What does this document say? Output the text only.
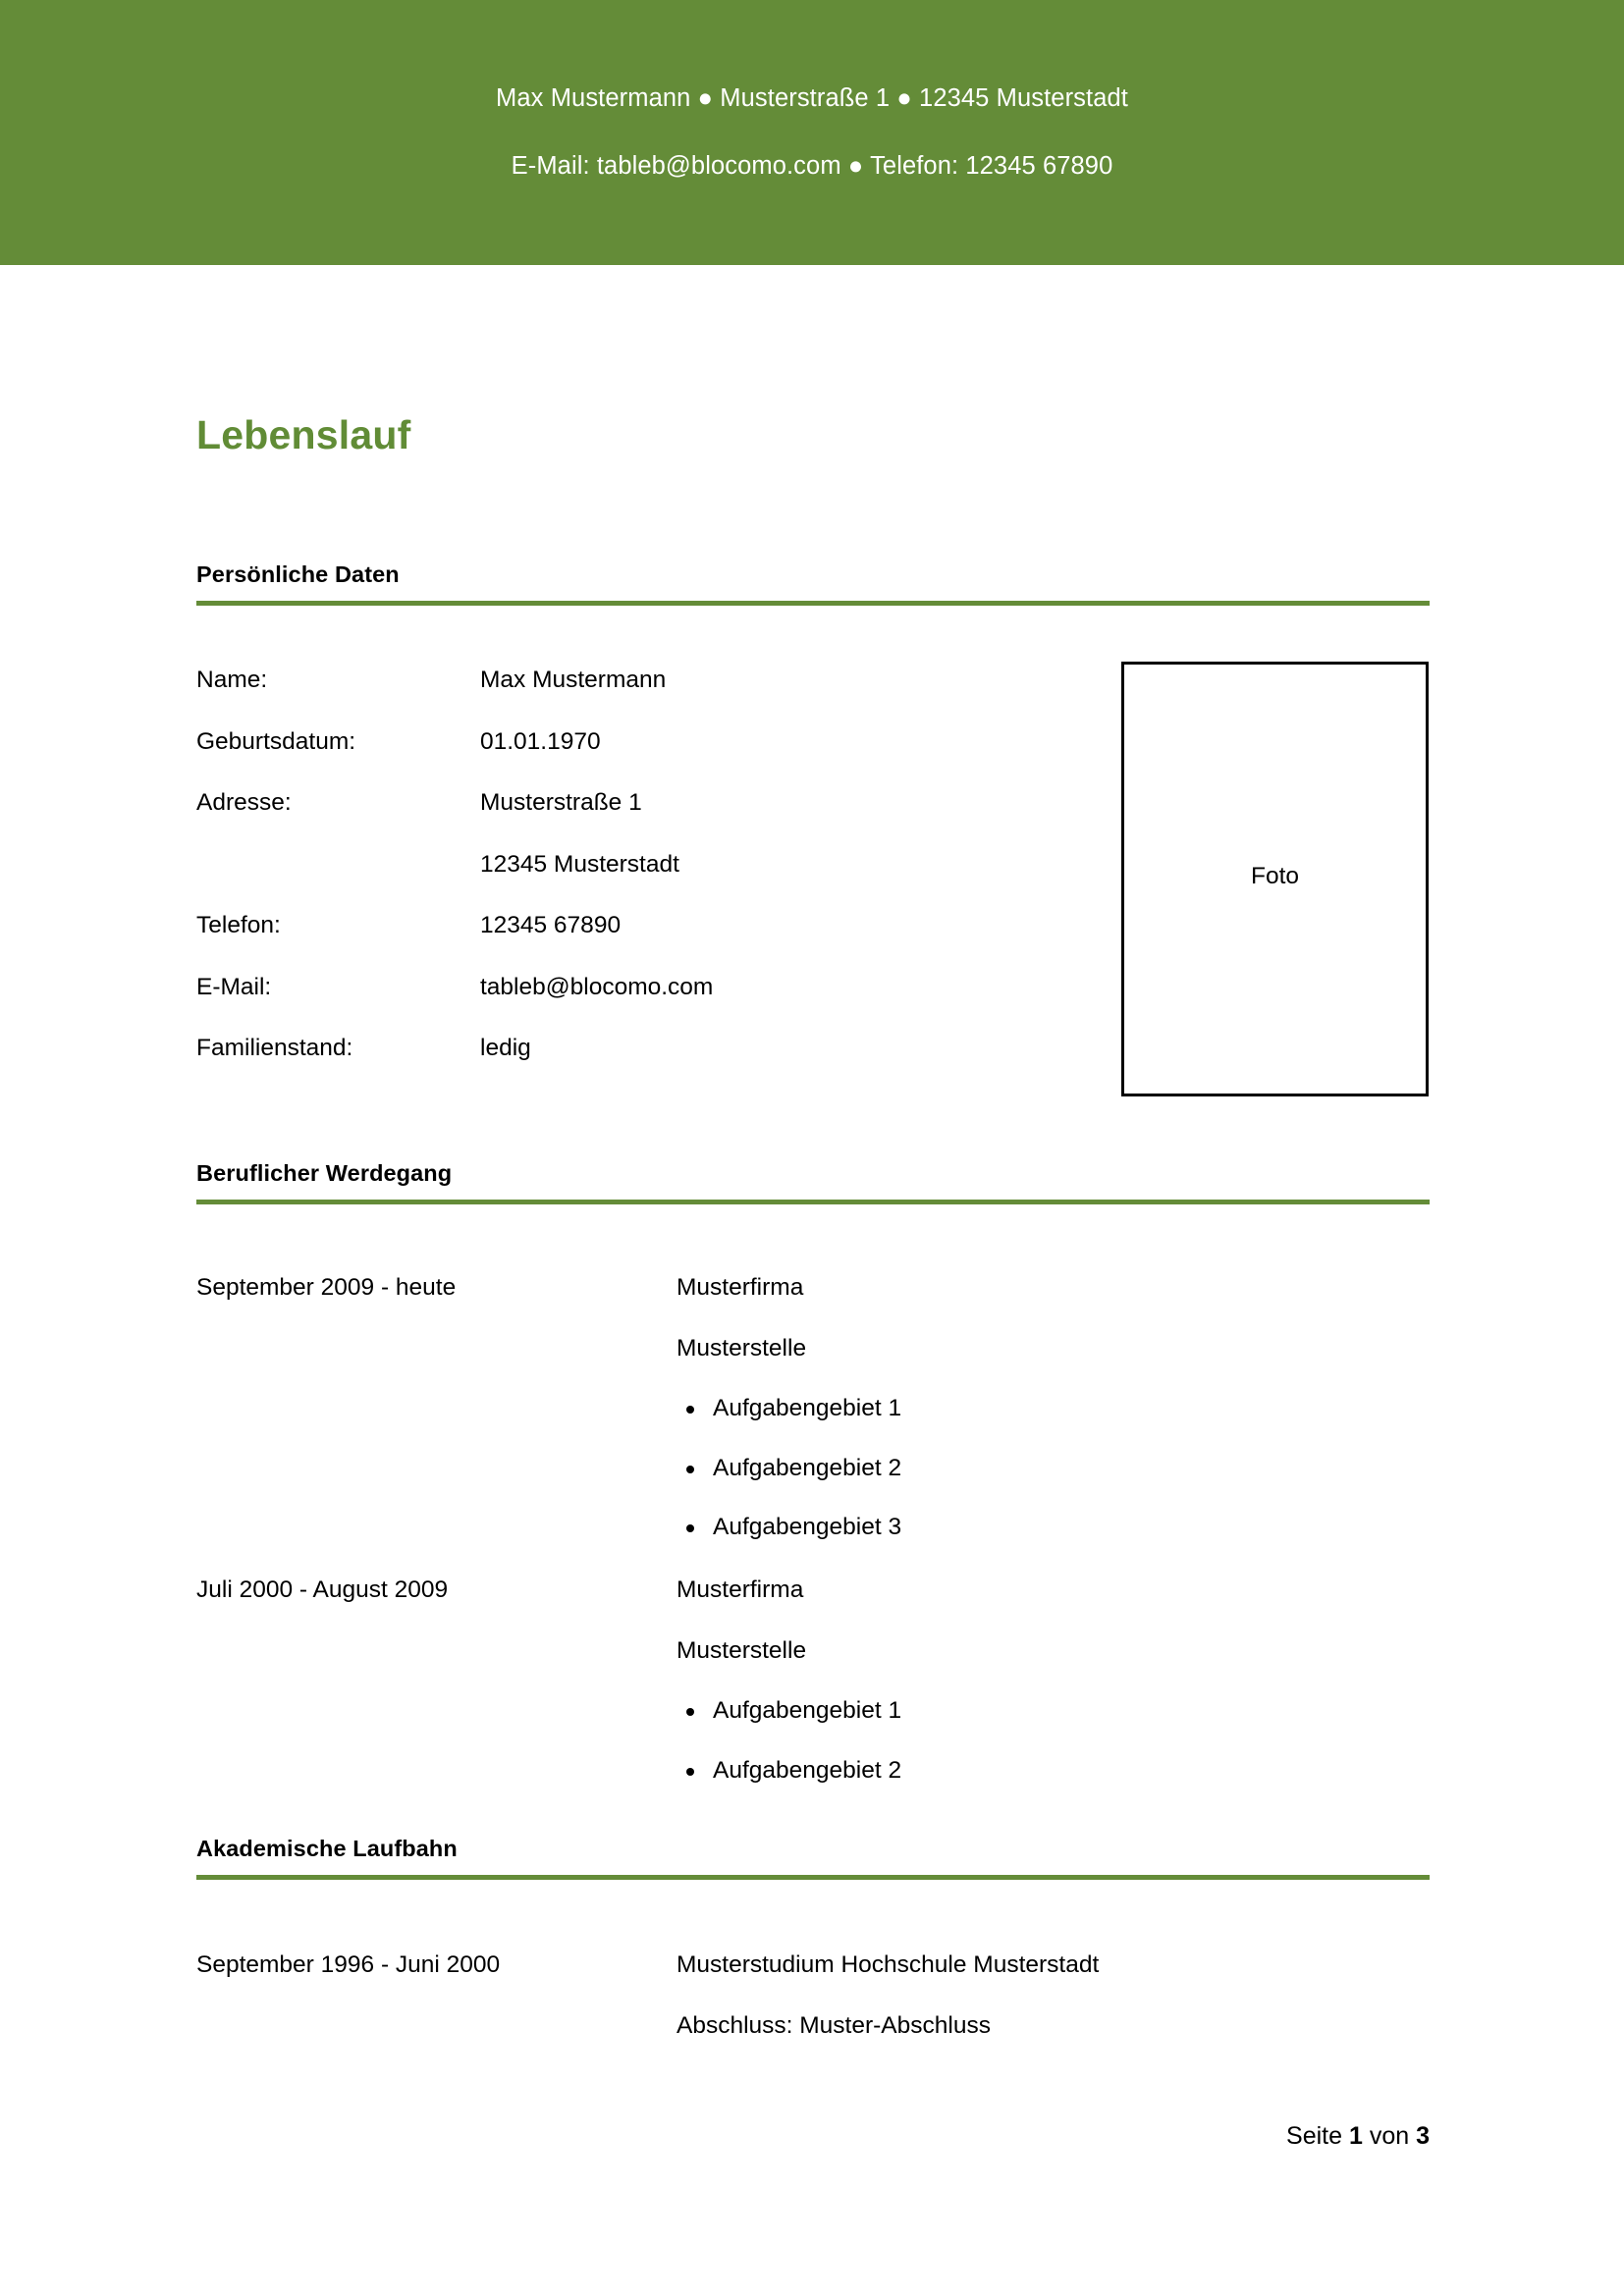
Max Mustermann ● Musterstraße 1 ● 12345 Musterstadt
E-Mail: tableb@blocomo.com ● Telefon: 12345 67890
Lebenslauf
Persönliche Daten
Name:	Max Mustermann
Geburtsdatum:	01.01.1970
Adresse:	Musterstraße 1
12345 Musterstadt
Telefon:	12345 67890
E-Mail:	tableb@blocomo.com
Familienstand:	ledig
Beruflicher Werdegang
September 2009 - heute	Musterfirma
Musterstelle
Aufgabengebiet 1
Aufgabengebiet 2
Aufgabengebiet 3
Juli 2000 - August 2009	Musterfirma
Musterstelle
Aufgabengebiet 1
Aufgabengebiet 2
Akademische Laufbahn
September 1996 - Juni 2000	Musterstudium Hochschule Musterstadt
Abschluss: Muster-Abschluss
Foto
Seite 1 von 3
